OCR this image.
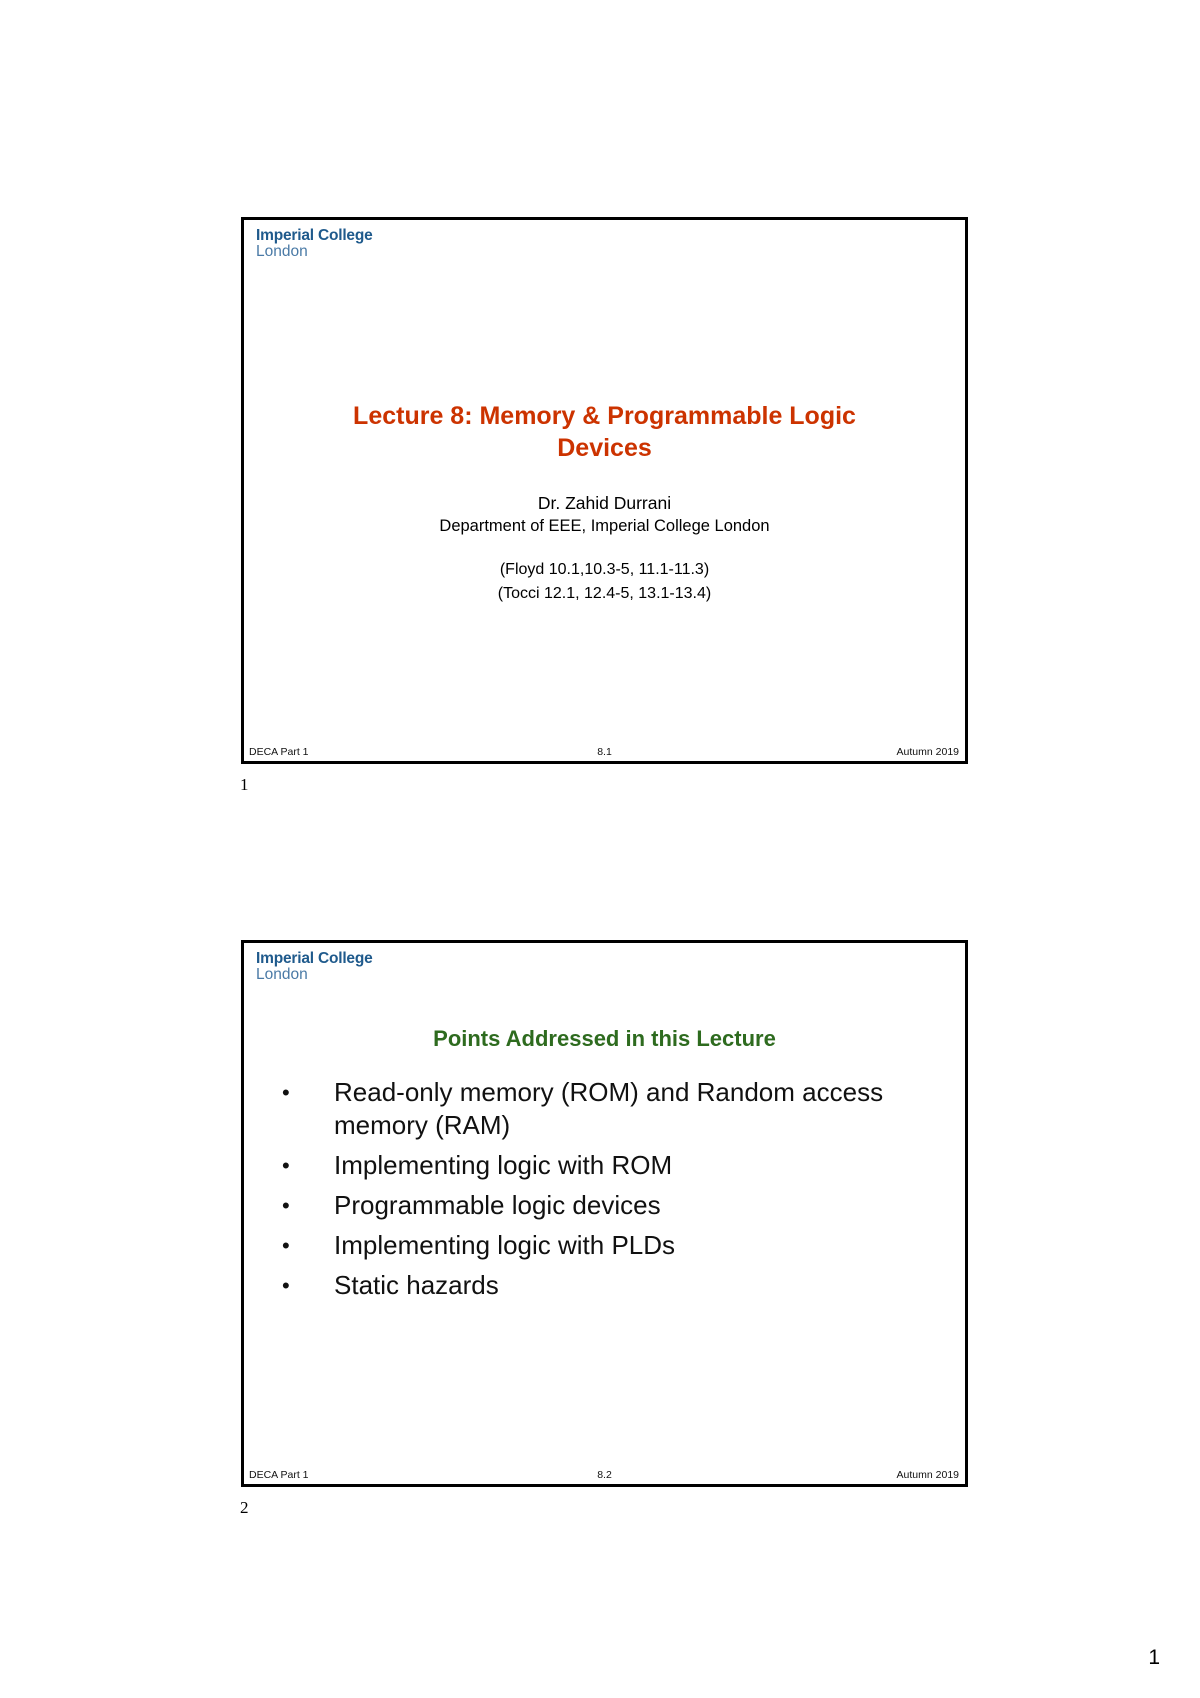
Imperial College
London
Lecture 8: Memory & Programmable Logic
Devices
Dr. Zahid Durrani
Department of EEE, Imperial College London
(Floyd 10.1,10.3-5, 11.1-11.3)
(Tocci 12.1, 12.4-5, 13.1-13.4)
DECA Part 1	8.1	Autumn 2019
1
Imperial College
London
Points Addressed in this Lecture
• Read-only memory (ROM) and Random access memory (RAM)
• Implementing logic with ROM
• Programmable logic devices
• Implementing logic with PLDs
• Static hazards
DECA Part 1	8.2	Autumn 2019
2
1
